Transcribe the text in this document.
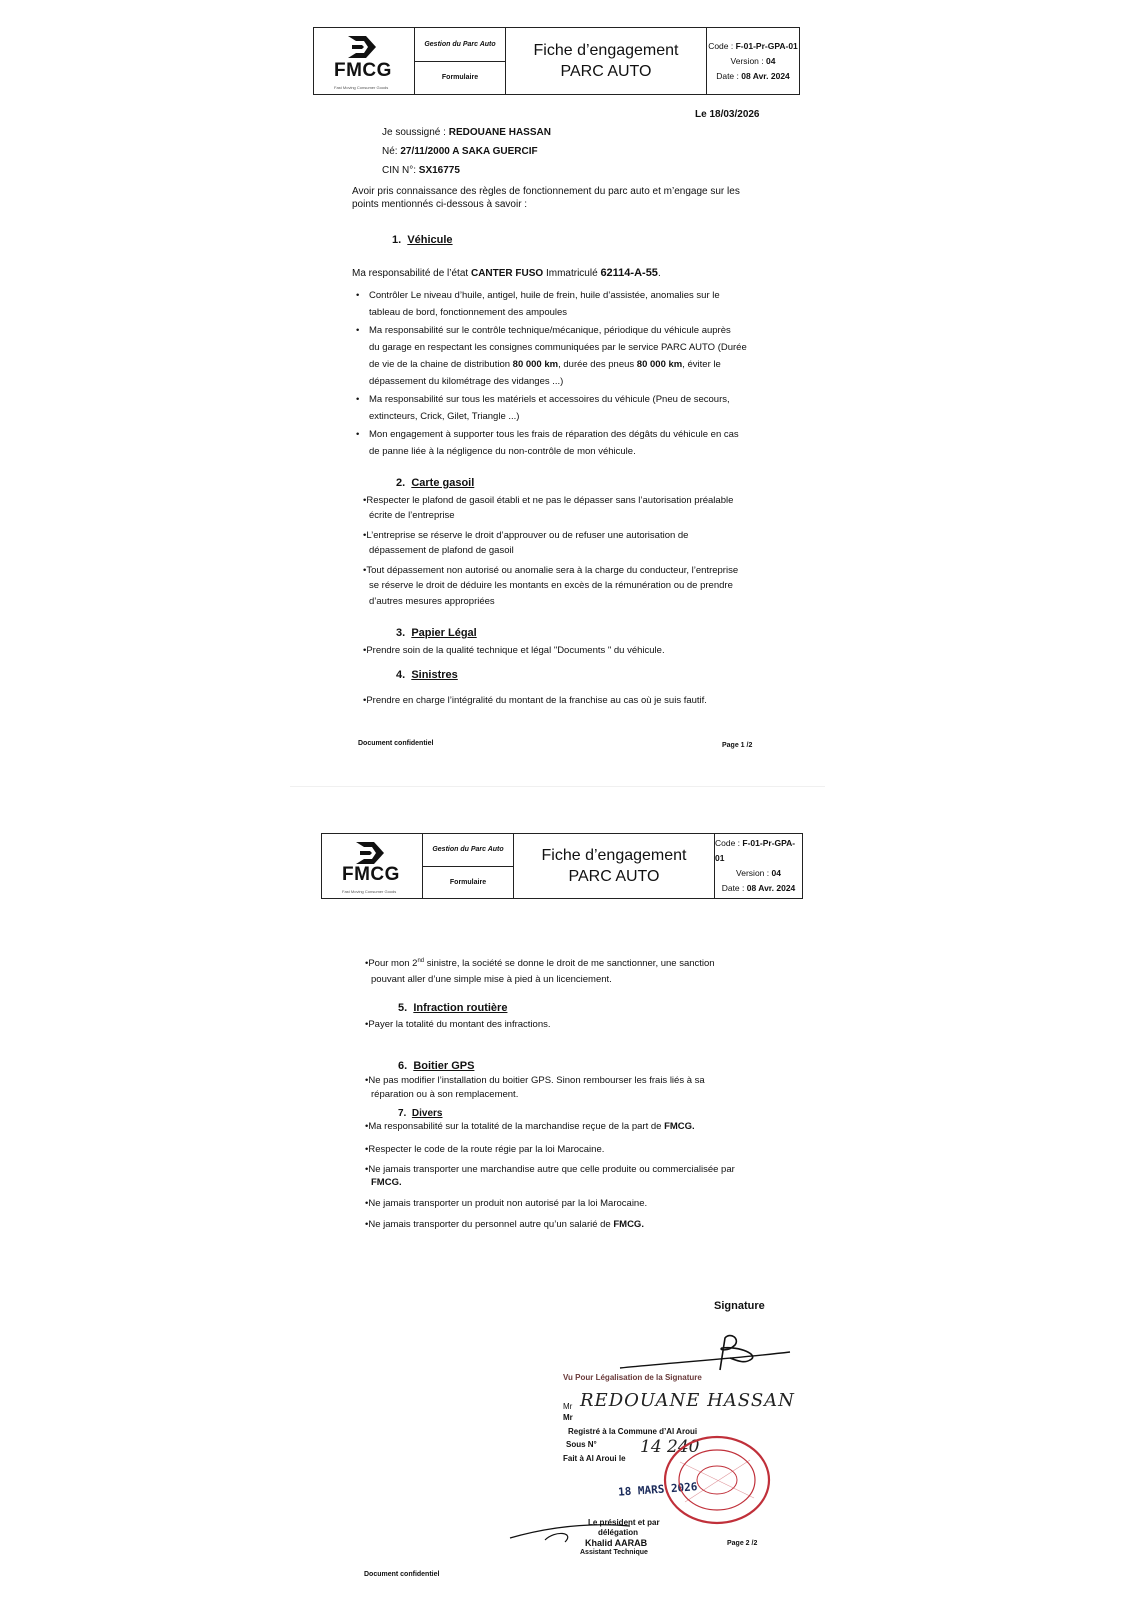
FMCG
Fast Moving Consumer Goods
Gestion du Parc Auto
Formulaire
Fiche d’engagement
PARC AUTO
Code : F-01-Pr-GPA-01
Version : 04
Date : 08 Avr. 2024
Le 18/03/2026
Je soussigné : REDOUANE HASSAN
Né: 27/11/2000 A SAKA GUERCIF
CIN N°: SX16775
Avoir pris connaissance des règles de fonctionnement du parc auto et m’engage sur les
points mentionnés ci-dessous à savoir :
1. Véhicule
Ma responsabilité de l’état CANTER FUSO Immatriculé 62114-A-55.
• Contrôler Le niveau d’huile, antigel, huile de frein, huile d’assistée, anomalies sur le
tableau de bord, fonctionnement des ampoules
• Ma responsabilité sur le contrôle technique/mécanique, périodique du véhicule auprès
du garage en respectant les consignes communiquées par le service PARC AUTO (Durée
de vie de la chaine de distribution 80 000 km, durée des pneus 80 000 km, éviter le
dépassement du kilométrage des vidanges ...)
• Ma responsabilité sur tous les matériels et accessoires du véhicule (Pneu de secours,
extincteurs, Crick, Gilet, Triangle ...)
• Mon engagement à supporter tous les frais de réparation des dégâts du véhicule en cas
de panne liée à la négligence du non-contrôle de mon véhicule.
2. Carte gasoil
•Respecter le plafond de gasoil établi et ne pas le dépasser sans l’autorisation préalable
écrite de l’entreprise
•L’entreprise se réserve le droit d’approuver ou de refuser une autorisation de
dépassement de plafond de gasoil
•Tout dépassement non autorisé ou anomalie sera à la charge du conducteur, l’entreprise
se réserve le droit de déduire les montants en excès de la rémunération ou de prendre
d’autres mesures appropriées
3. Papier Légal
•Prendre soin de la qualité technique et légal "Documents " du véhicule.
4. Sinistres
•Prendre en charge l’intégralité du montant de la franchise au cas où je suis fautif.
Document confidentiel	Page 1 /2
FMCG
Fast Moving Consumer Goods
Gestion du Parc Auto
Formulaire
Fiche d’engagement
PARC AUTO
Code : F-01-Pr-GPA-01
Version : 04
Date : 08 Avr. 2024
•Pour mon 2nd sinistre, la société se donne le droit de me sanctionner, une sanction
pouvant aller d’une simple mise à pied à un licenciement.
5. Infraction routière
•Payer la totalité du montant des infractions.
6. Boitier GPS
•Ne pas modifier l’installation du boitier GPS. Sinon rembourser les frais liés à sa
réparation ou à son remplacement.
7. Divers
•Ma responsabilité sur la totalité de la marchandise reçue de la part de FMCG.
•Respecter le code de la route régie par la loi Marocaine.
•Ne jamais transporter une marchandise autre que celle produite ou commercialisée par
FMCG.
•Ne jamais transporter un produit non autorisé par la loi Marocaine.
•Ne jamais transporter du personnel autre qu’un salarié de FMCG.
Signature
Vu Pour Légalisation de la Signature
Mr REDOUANE HASSAN
Mr
Registré à la Commune d’Al Aroui
Sous N°
Fait à Al Aroui le
14 240
18 MARS 2026
Le président et par
délégation
Khalid AARAB
Assistant Technique
Document confidentiel
Page 2 /2
